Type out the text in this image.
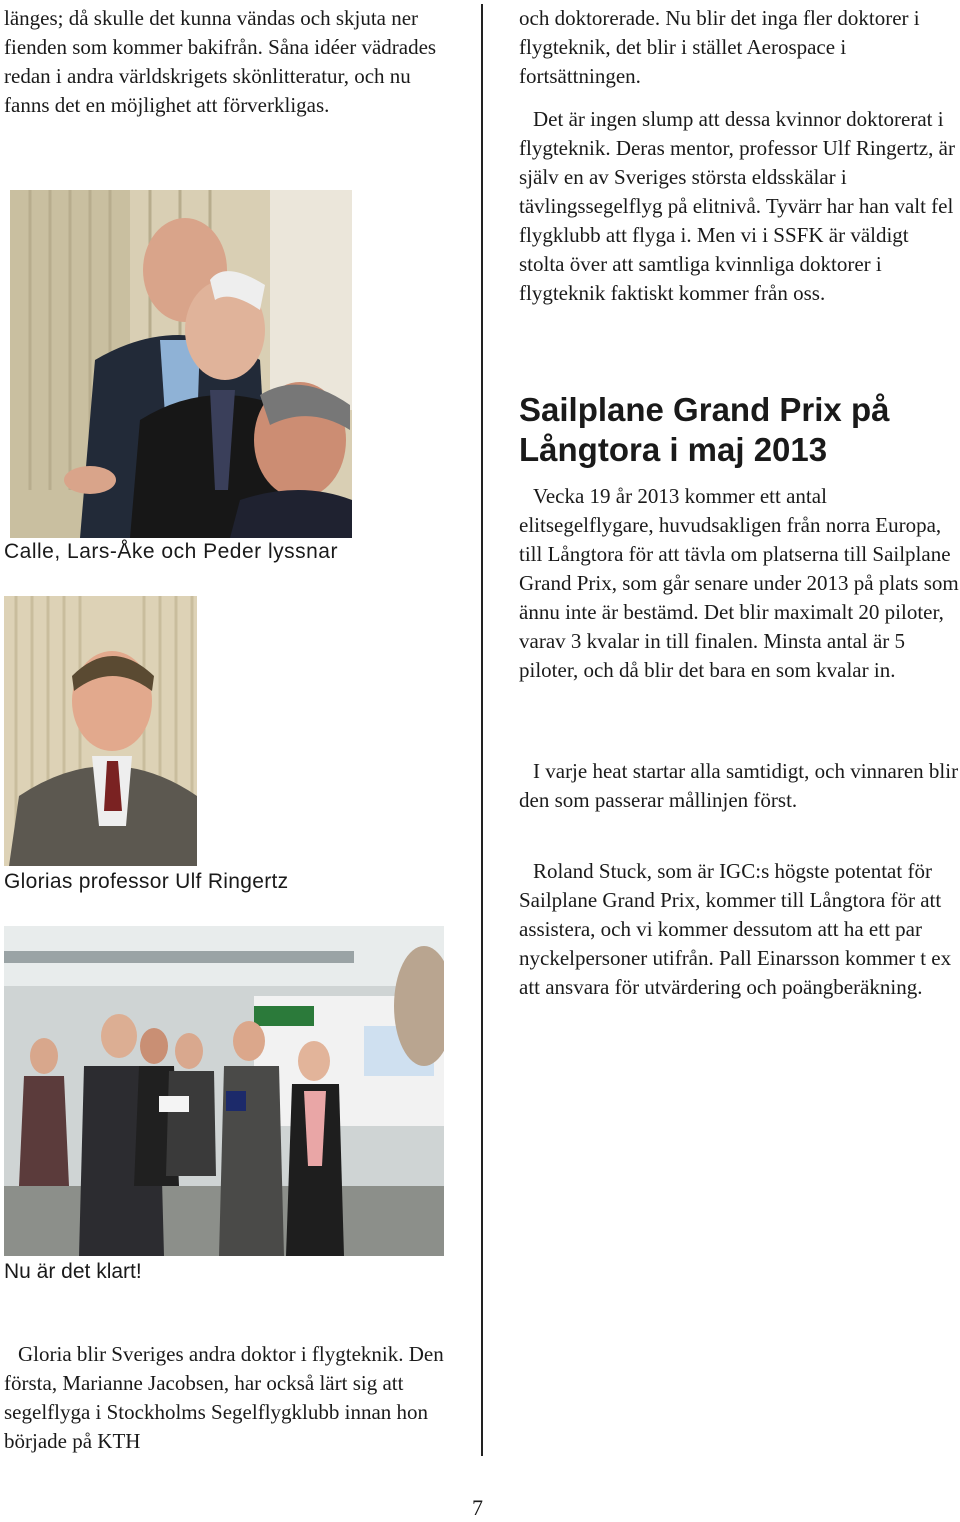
länges; då skulle det kunna vändas och skjuta ner fienden som kommer bakifrån. Såna idéer vädrades redan i andra världskrigets skönlitteratur, och nu fanns det en möjlighet att förverkligas.

Calle, Lars-Åke och Peder lyssnar

Glorias professor Ulf Ringertz

Nu är det klart!

Gloria blir Sveriges andra doktor i flygteknik. Den första, Marianne Jacobsen, har också lärt sig att segelflyga i Stockholms Segelflygklubb innan hon började på KTH

och doktorerade. Nu blir det inga fler doktorer i flygteknik, det blir i stället Aerospace i fortsättningen.

Det är ingen slump att dessa kvinnor doktorerat i flygteknik. Deras mentor, professor Ulf Ringertz, är själv en av Sveriges största eldsskälar i tävlingssegelflyg på elitnivå. Tyvärr har han valt fel flygklubb att flyga i. Men vi i SSFK är väldigt stolta över att samtliga kvinnliga doktorer i flygteknik faktiskt kommer från oss.

Sailplane Grand Prix på Långtora i maj 2013

Vecka 19 år 2013 kommer ett antal elitsegelflygare, huvudsakligen från norra Europa, till Långtora för att tävla om platserna till Sailplane Grand Prix, som går senare under 2013 på plats som ännu inte är bestämd. Det blir maximalt 20 piloter, varav 3 kvalar in till finalen. Minsta antal är 5 piloter, och då blir det bara en som kvalar in.

I varje heat startar alla samtidigt, och vinnaren blir den som passerar mållinjen först.

Roland Stuck, som är IGC:s högste potentat för Sailplane Grand Prix, kommer till Långtora för att assistera, och vi kommer dessutom att ha ett par nyckelpersoner utifrån. Pall Einarsson kommer t ex att ansvara för utvärdering och poängberäkning.

7
